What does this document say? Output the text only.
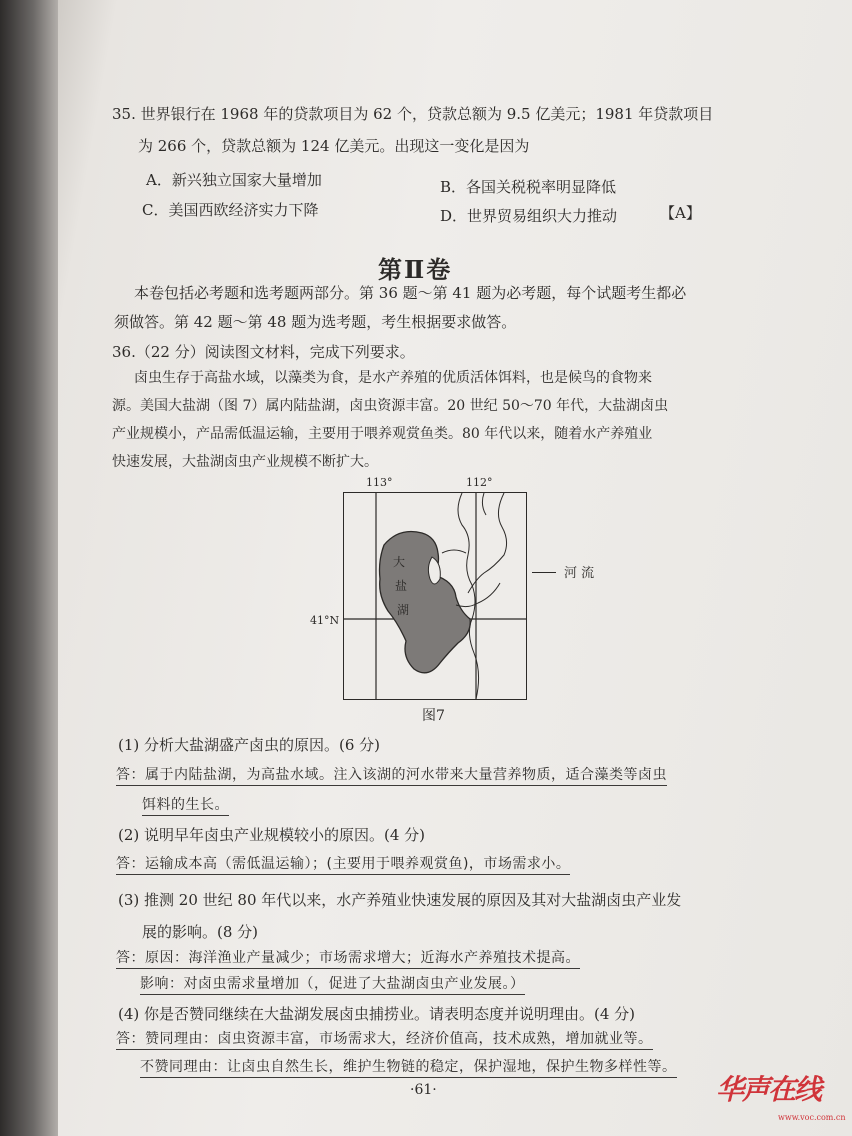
35. 世界银行在 1968 年的贷款项目为 62 个，贷款总额为 9.5 亿美元；1981 年贷款项目
为 266 个，贷款总额为 124 亿美元。出现这一变化是因为
A．新兴独立国家大量增加	B．各国关税税率明显降低
C．美国西欧经济实力下降	D．世界贸易组织大力推动	【A】
第Ⅱ卷
本卷包括必考题和选考题两部分。第 36 题～第 41 题为必考题，每个试题考生都必
须做答。第 42 题～第 48 题为选考题，考生根据要求做答。
36.（22 分）阅读图文材料，完成下列要求。
卤虫生存于高盐水域，以藻类为食，是水产养殖的优质活体饵料，也是候鸟的食物来
源。美国大盐湖（图 7）属内陆盐湖，卤虫资源丰富。20 世纪 50～70 年代，大盐湖卤虫
产业规模小，产品需低温运输，主要用于喂养观赏鱼类。80 年代以来，随着水产养殖业
快速发展，大盐湖卤虫产业规模不断扩大。
113°	112°
41°N
大
盐
湖
河 流
图7
(1) 分析大盐湖盛产卤虫的原因。(6 分)
答：属于内陆盐湖，为高盐水域。注入该湖的河水带来大量营养物质，适合藻类等卤虫
饵料的生长。
(2) 说明早年卤虫产业规模较小的原因。(4 分)
答：运输成本高（需低温运输）；(主要用于喂养观赏鱼)，市场需求小。
(3) 推测 20 世纪 80 年代以来，水产养殖业快速发展的原因及其对大盐湖卤虫产业发
展的影响。(8 分)
答：原因：海洋渔业产量减少；市场需求增大；近海水产养殖技术提高。
影响：对卤虫需求量增加（，促进了大盐湖卤虫产业发展。）
(4) 你是否赞同继续在大盐湖发展卤虫捕捞业。请表明态度并说明理由。(4 分)
答：赞同理由：卤虫资源丰富，市场需求大，经济价值高，技术成熟，增加就业等。
不赞同理由：让卤虫自然生长，维护生物链的稳定，保护湿地，保护生物多样性等。
·61·	华声在线
www.voc.com.cn
